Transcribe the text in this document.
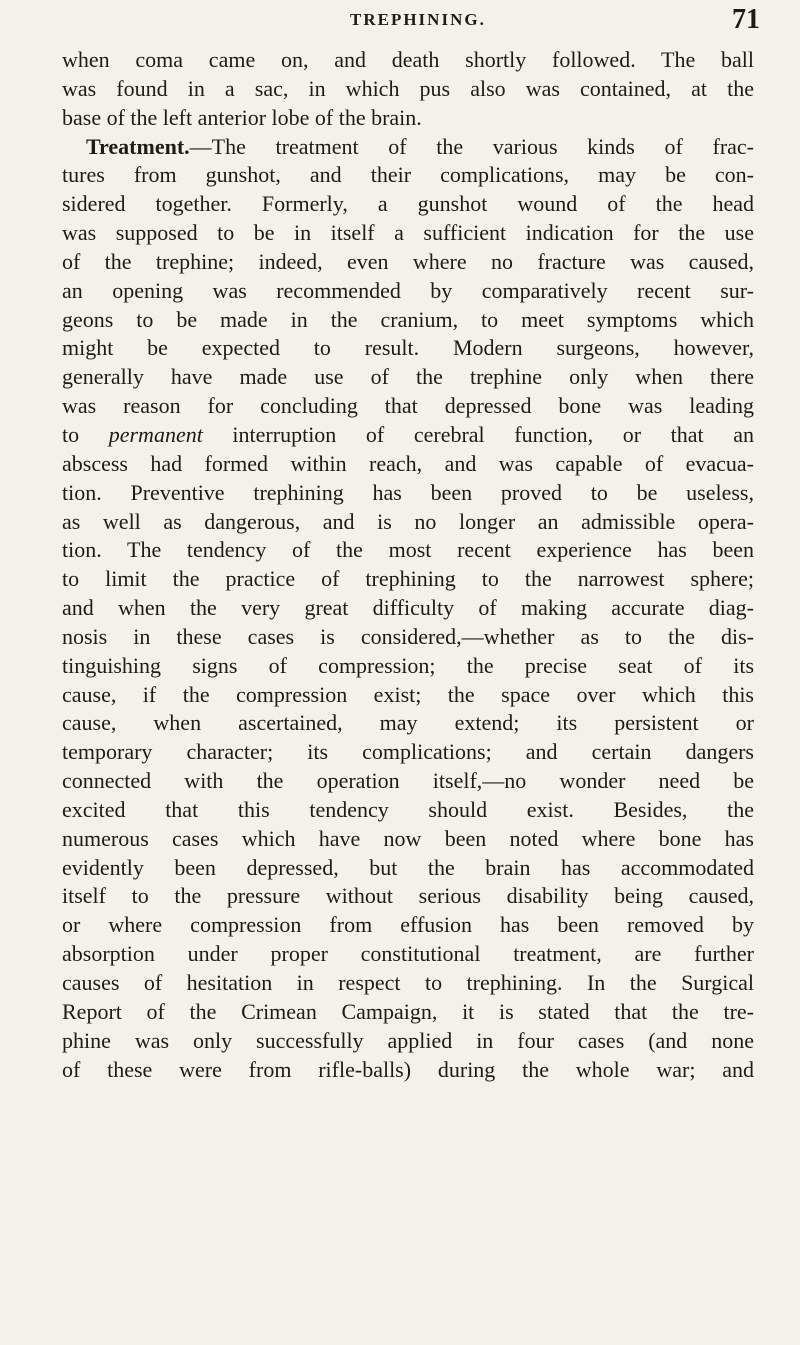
TREPHINING.	71
when coma came on, and death shortly followed. The ball
was found in a sac, in which pus also was contained, at the
base of the left anterior lobe of the brain.
Treatment.—The treatment of the various kinds of frac-
tures from gunshot, and their complications, may be con-
sidered together. Formerly, a gunshot wound of the head
was supposed to be in itself a sufficient indication for the use
of the trephine; indeed, even where no fracture was caused,
an opening was recommended by comparatively recent sur-
geons to be made in the cranium, to meet symptoms which
might be expected to result. Modern surgeons, however,
generally have made use of the trephine only when there
was reason for concluding that depressed bone was leading
to permanent interruption of cerebral function, or that an
abscess had formed within reach, and was capable of evacua-
tion. Preventive trephining has been proved to be useless,
as well as dangerous, and is no longer an admissible opera-
tion. The tendency of the most recent experience has been
to limit the practice of trephining to the narrowest sphere;
and when the very great difficulty of making accurate diag-
nosis in these cases is considered,—whether as to the dis-
tinguishing signs of compression; the precise seat of its
cause, if the compression exist; the space over which this
cause, when ascertained, may extend; its persistent or
temporary character; its complications; and certain dangers
connected with the operation itself,—no wonder need be
excited that this tendency should exist. Besides, the
numerous cases which have now been noted where bone has
evidently been depressed, but the brain has accommodated
itself to the pressure without serious disability being caused,
or where compression from effusion has been removed by
absorption under proper constitutional treatment, are further
causes of hesitation in respect to trephining. In the Surgical
Report of the Crimean Campaign, it is stated that the tre-
phine was only successfully applied in four cases (and none
of these were from rifle-balls) during the whole war; and
